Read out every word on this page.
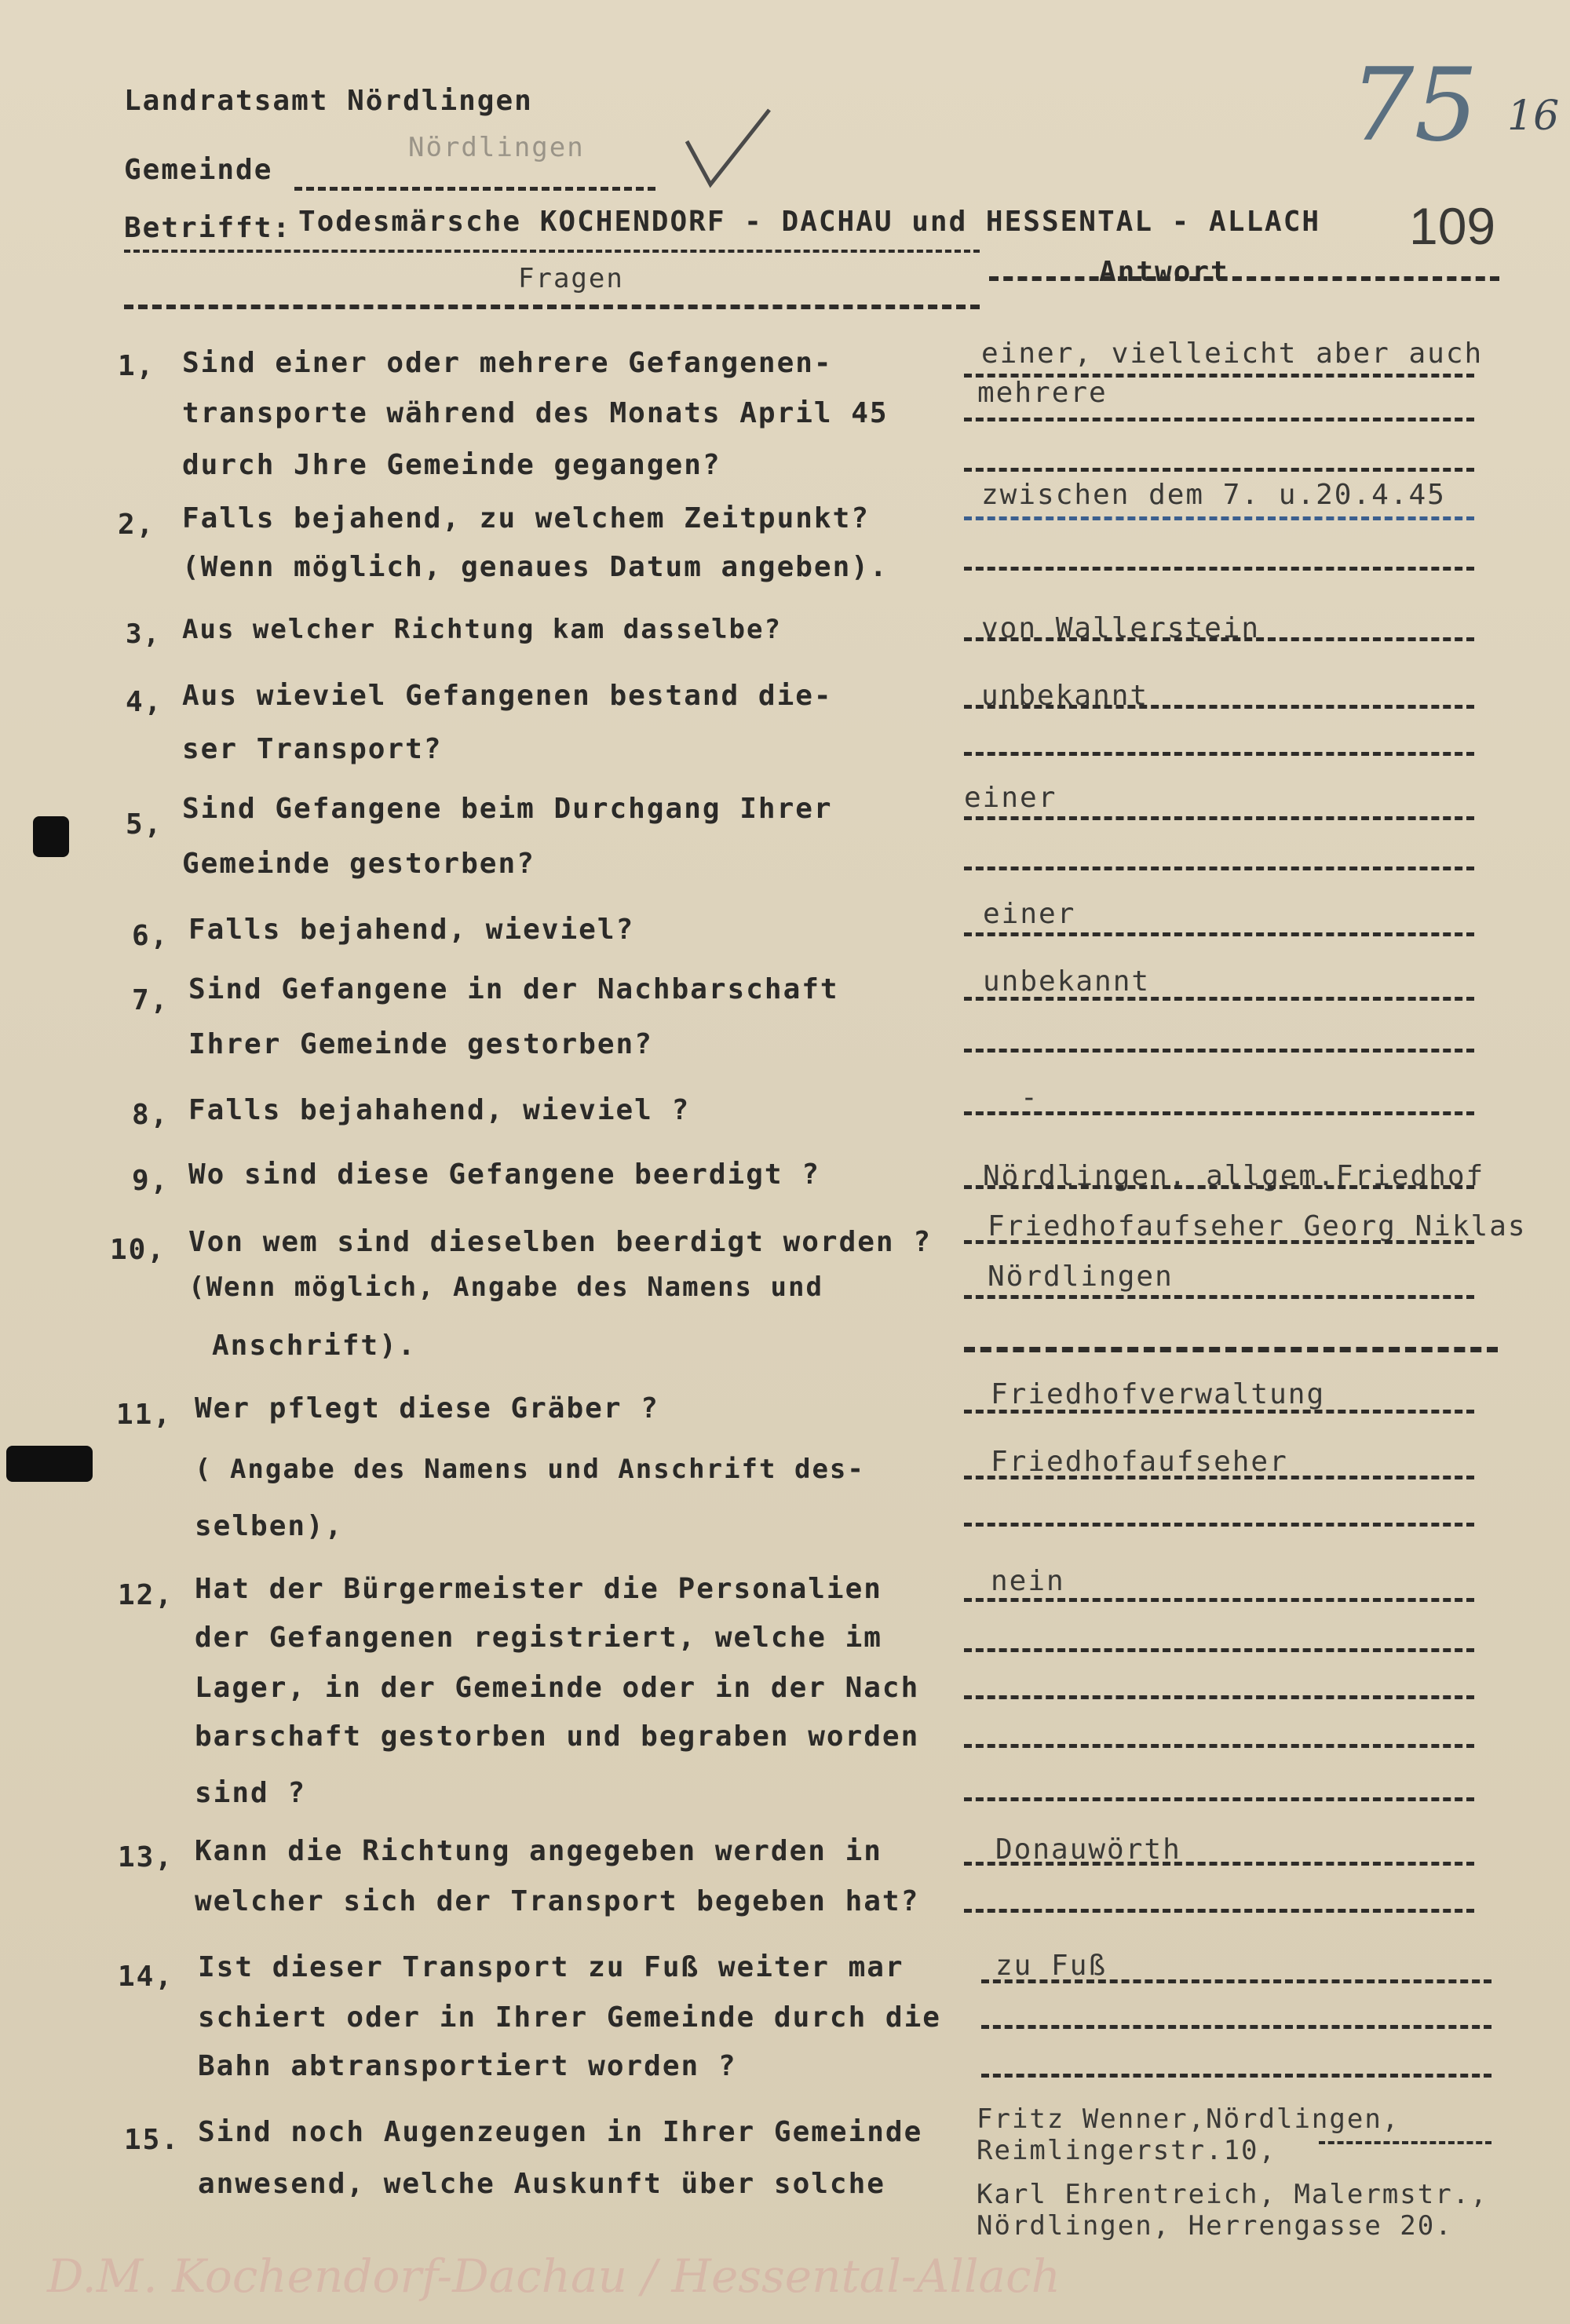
Landratsamt Nördlingen
Gemeinde
Nördlingen	75 16
109
Betrifft: Todesmärsche KOCHENDORF - DACHAU und HESSENTAL - ALLACH
Fragen	Antwort
1, Sind einer oder mehrere Gefangenen-
transporte während des Monats April 45
durch Jhre Gemeinde gegangen?
einer, vielleicht aber auch
mehrere
2, Falls bejahend, zu welchem Zeitpunkt?
(Wenn möglich, genaues Datum angeben).
zwischen dem 7. u.20.4.45
3, Aus welcher Richtung kam dasselbe?	von Wallerstein
4, Aus wieviel Gefangenen bestand die-
ser Transport?
unbekannt
5, Sind Gefangene beim Durchgang Ihrer
Gemeinde gestorben?
einer
6, Falls bejahend, wieviel?	einer
7, Sind Gefangene in der Nachbarschaft
Ihrer Gemeinde gestorben?
unbekannt
8, Falls bejahahend, wieviel ?	-
9, Wo sind diese Gefangene beerdigt ?	Nördlingen, allgem.Friedhof
10, Von wem sind dieselben beerdigt worden ?
(Wenn möglich, Angabe des Namens und
Anschrift).
Friedhofaufseher Georg Niklas
Nördlingen
11, Wer pflegt diese Gräber ?
( Angabe des Namens und Anschrift des-
selben),
Friedhofverwaltung
Friedhofaufseher
12, Hat der Bürgermeister die Personalien
der Gefangenen registriert, welche im
Lager, in der Gemeinde oder in der Nach
barschaft gestorben und begraben worden
sind ?
nein
13, Kann die Richtung angegeben werden in
welcher sich der Transport begeben hat?
Donauwörth
14, Ist dieser Transport zu Fuß weiter mar
schiert oder in Ihrer Gemeinde durch die
Bahn abtransportiert worden ?
zu Fuß
15. Sind noch Augenzeugen in Ihrer Gemeinde
anwesend, welche Auskunft über solche
Fritz Wenner,Nördlingen,
Reimlingerstr.10,
Karl Ehrentreich, Malermstr.,
Nördlingen, Herrengasse 20.
D.M. Kochendorf-Dachau / Hessental-Allach
